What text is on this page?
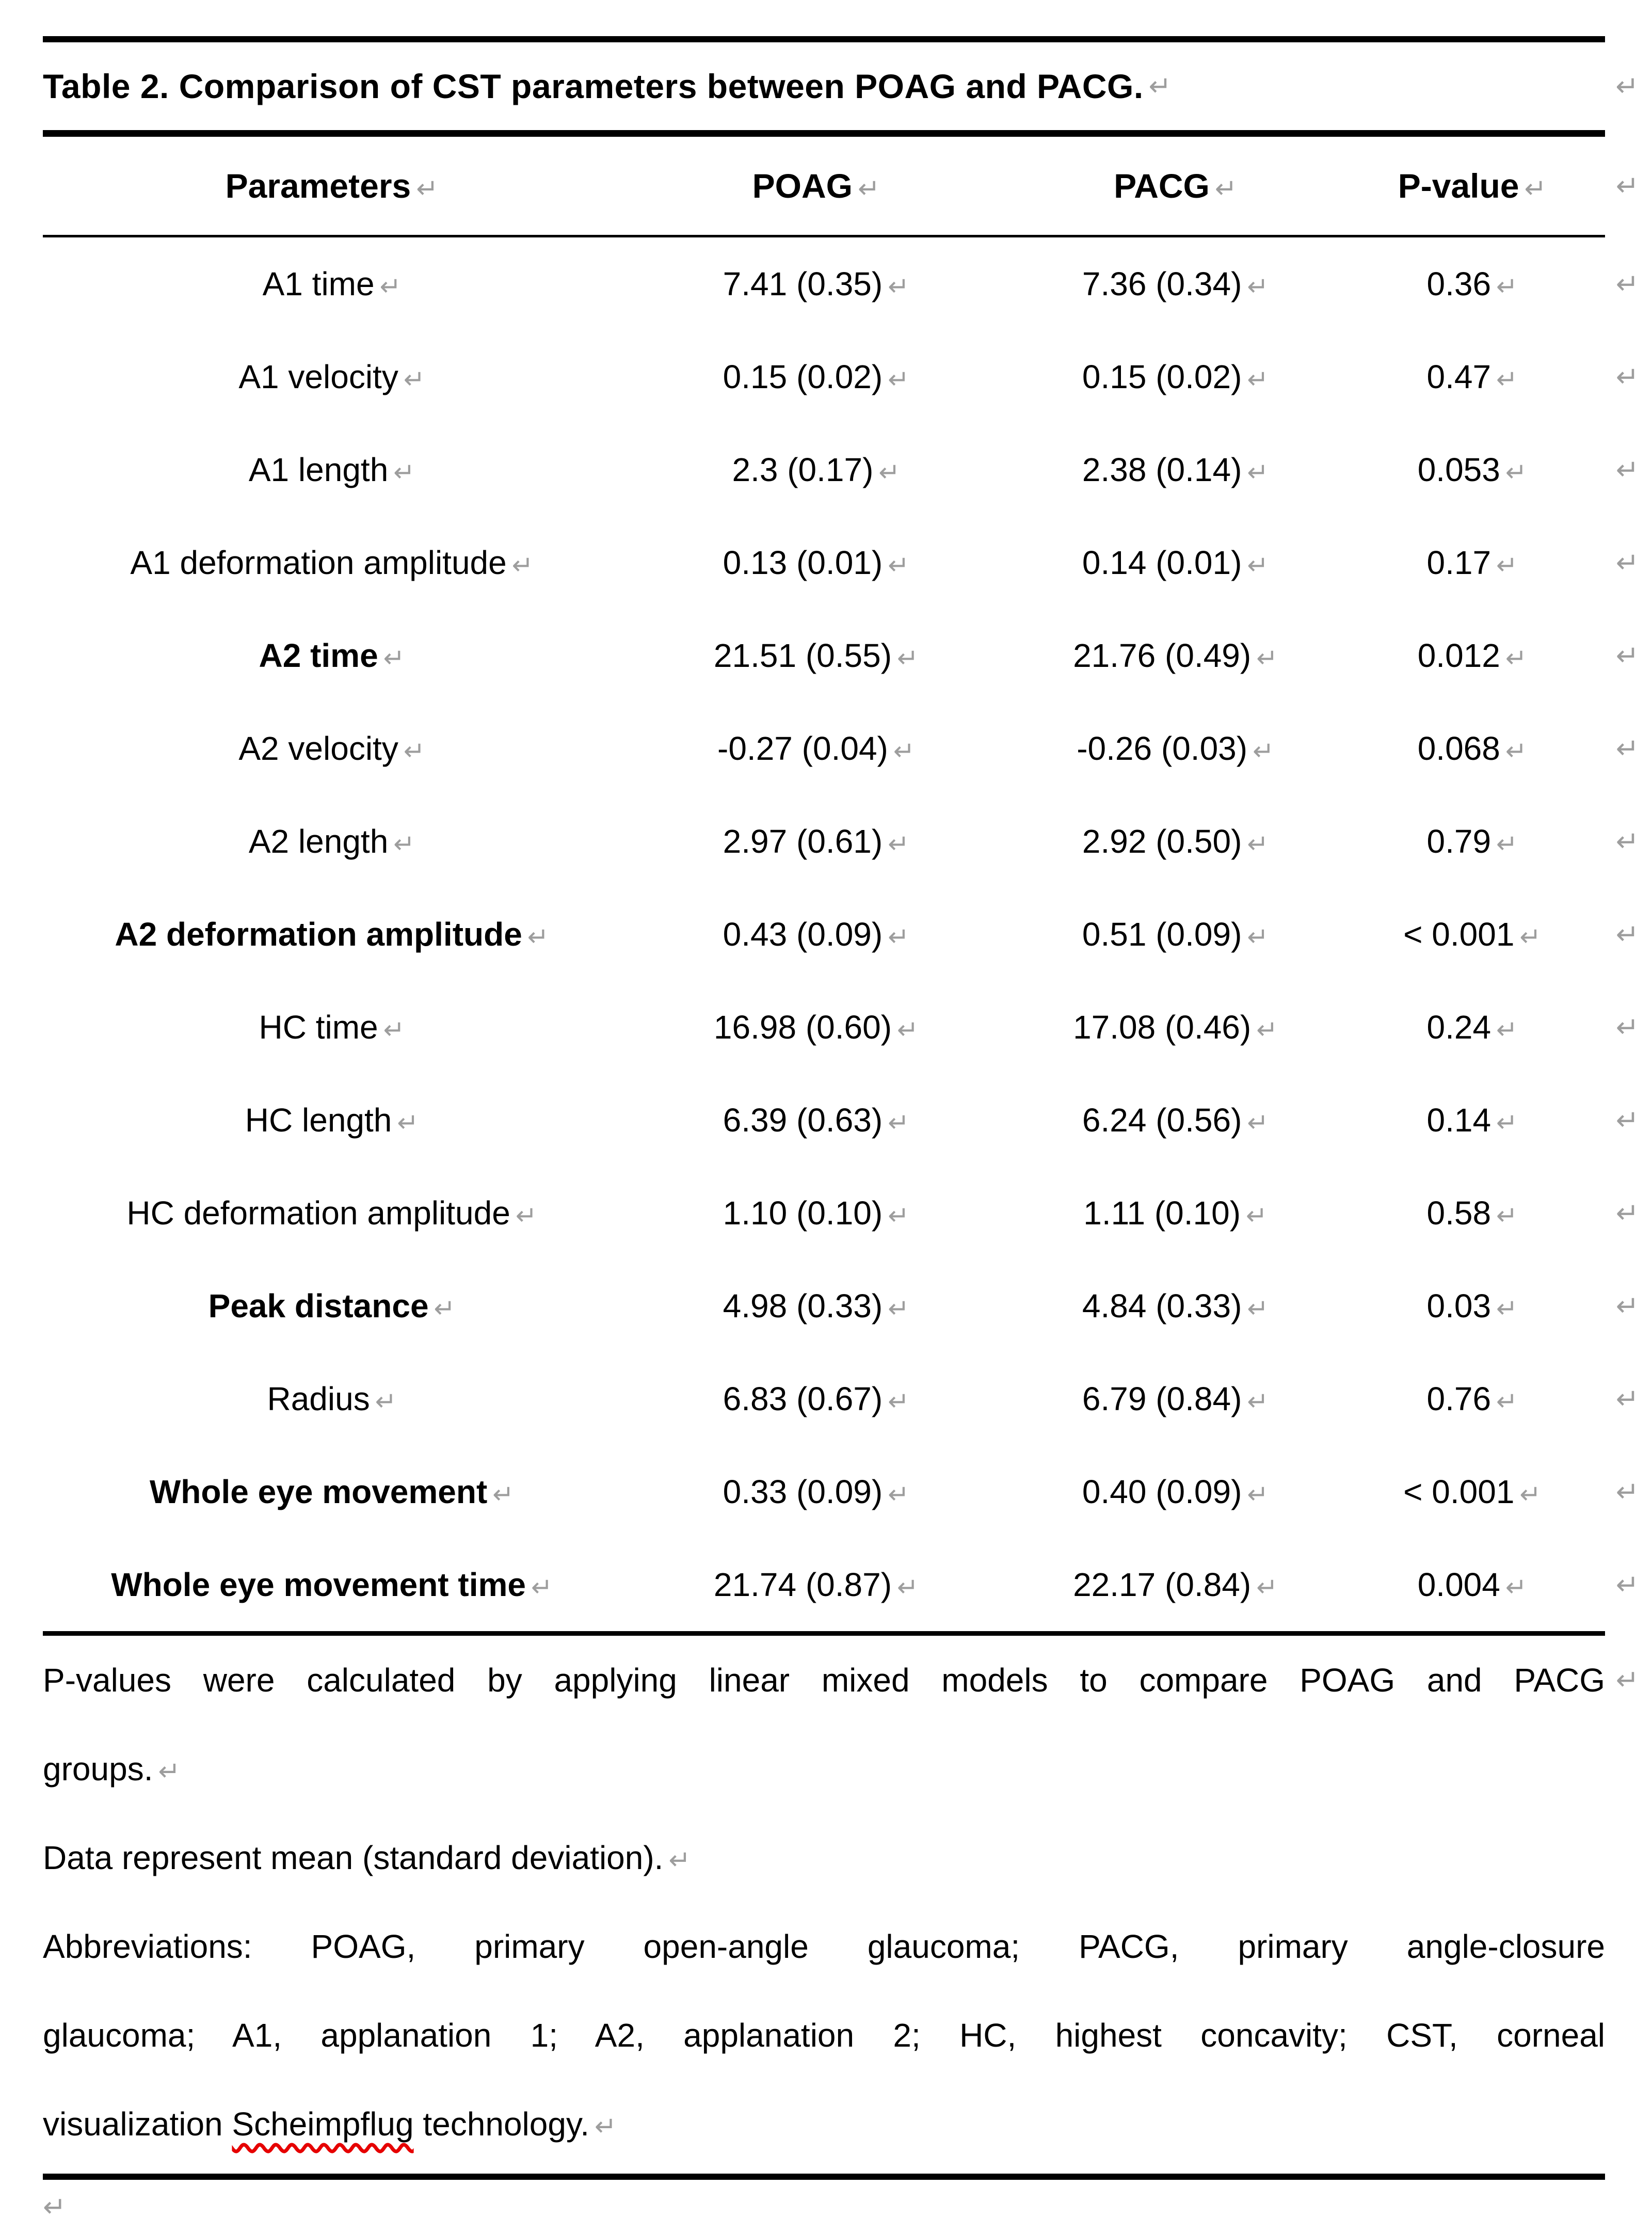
Table 2. Comparison of CST parameters between POAG and PACG. ↵	↵
Parameters ↵	POAG ↵	PACG ↵	P-value ↵	↵
A1 time ↵	7.41 (0.35) ↵	7.36 (0.34) ↵	0.36 ↵	↵
A1 velocity ↵	0.15 (0.02) ↵	0.15 (0.02) ↵	0.47 ↵	↵
A1 length ↵	2.3 (0.17) ↵	2.38 (0.14) ↵	0.053 ↵	↵
A1 deformation amplitude ↵	0.13 (0.01) ↵	0.14 (0.01) ↵	0.17 ↵	↵
A2 time ↵	21.51 (0.55) ↵	21.76 (0.49) ↵	0.012 ↵	↵
A2 velocity ↵	-0.27 (0.04) ↵	-0.26 (0.03) ↵	0.068 ↵	↵
A2 length ↵	2.97 (0.61) ↵	2.92 (0.50) ↵	0.79 ↵	↵
A2 deformation amplitude ↵	0.43 (0.09) ↵	0.51 (0.09) ↵	< 0.001 ↵	↵
HC time ↵	16.98 (0.60) ↵	17.08 (0.46) ↵	0.24 ↵	↵
HC length ↵	6.39 (0.63) ↵	6.24 (0.56) ↵	0.14 ↵	↵
HC deformation amplitude ↵	1.10 (0.10) ↵	1.11 (0.10) ↵	0.58 ↵	↵
Peak distance ↵	4.98 (0.33) ↵	4.84 (0.33) ↵	0.03 ↵	↵
Radius ↵	6.83 (0.67) ↵	6.79 (0.84) ↵	0.76 ↵	↵
Whole eye movement ↵	0.33 (0.09) ↵	0.40 (0.09) ↵	< 0.001 ↵	↵
Whole eye movement time ↵	21.74 (0.87) ↵	22.17 (0.84) ↵	0.004 ↵	↵
P-values were calculated by applying linear mixed models to compare POAG and PACG ↵
groups. ↵
Data represent mean (standard deviation). ↵
Abbreviations: POAG, primary open-angle glaucoma; PACG, primary angle-closure
glaucoma; A1, applanation 1; A2, applanation 2; HC, highest concavity; CST, corneal
visualization Scheimpflug technology. ↵
↵
